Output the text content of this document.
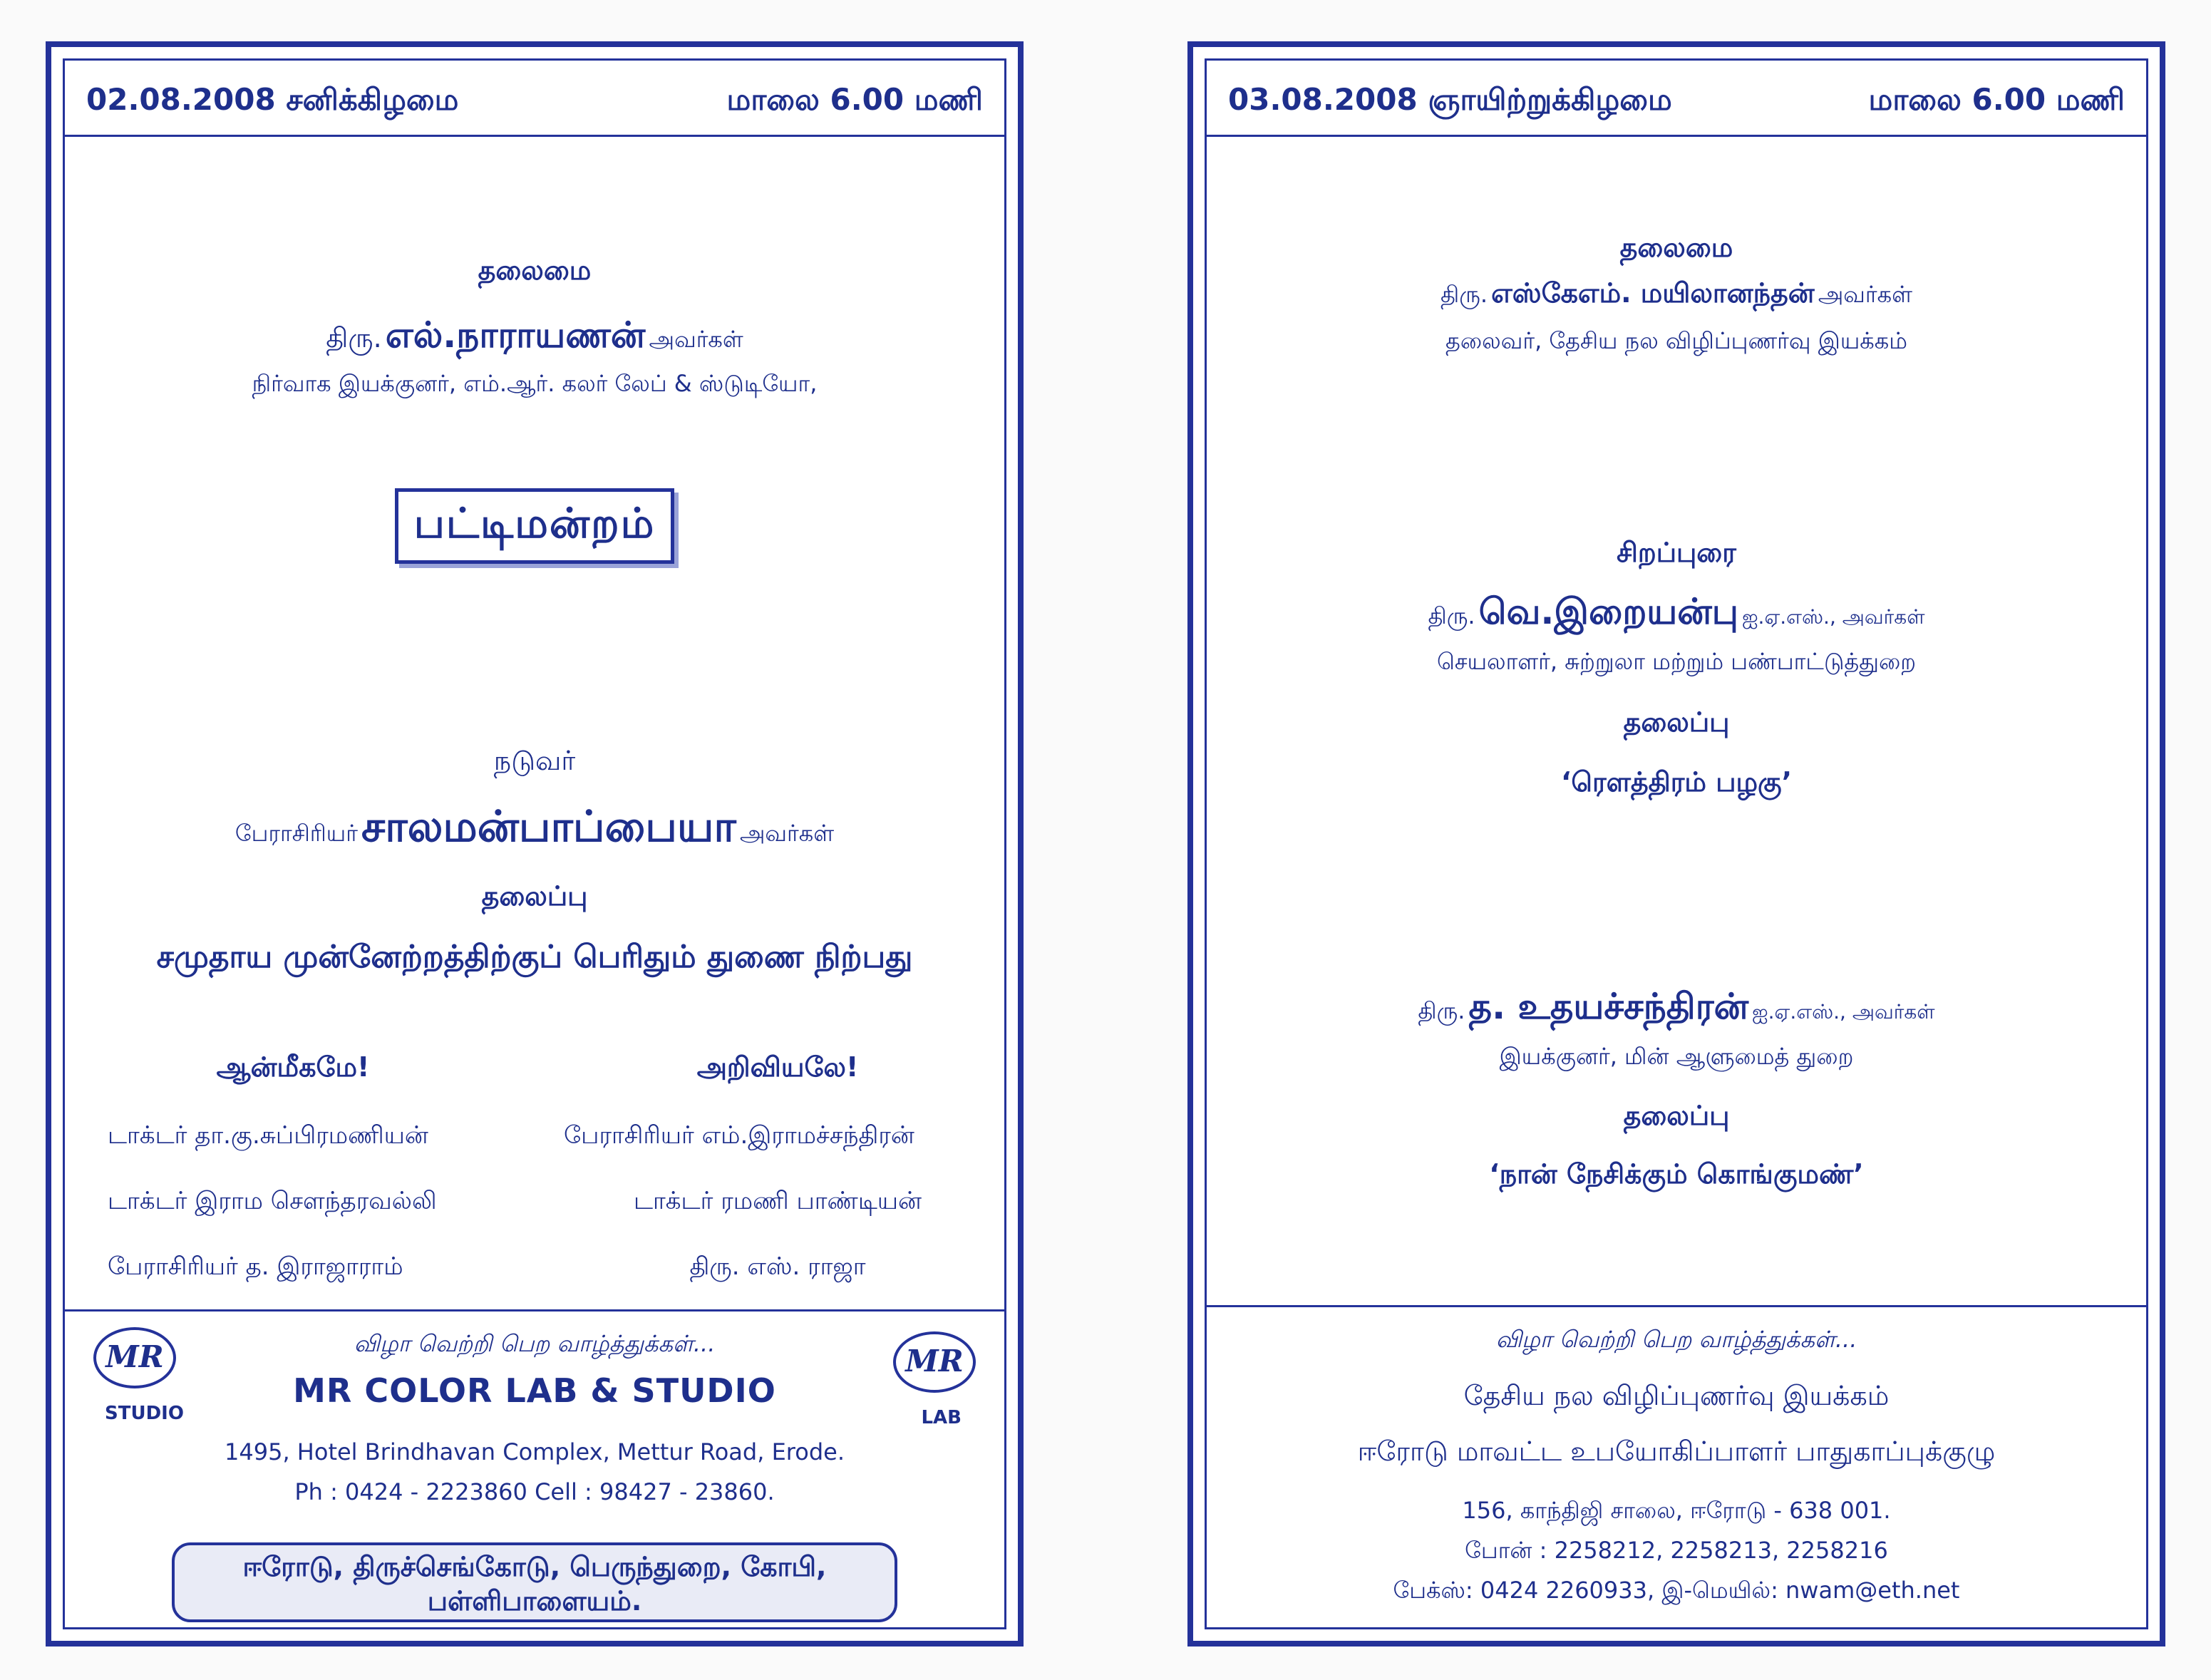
02.08.2008 சனிக்கிழமை	மாலை 6.00 மணி
தலைமை
திரு. எல்.நாராயணன் அவர்கள்
நிர்வாக இயக்குனர், எம்.ஆர். கலர் லேப் & ஸ்டுடியோ,
பட்டிமன்றம்
நடுவர்
பேராசிரியர் சாலமன்பாப்பையா அவர்கள்
தலைப்பு
சமுதாய முன்னேற்றத்திற்குப் பெரிதும் துணை நிற்பது
ஆன்மீகமே!
டாக்டர் தா.கு.சுப்பிரமணியன்
டாக்டர் இராம சௌந்தரவல்லி
பேராசிரியர் த. இராஜாராம்
அறிவியலே!
பேராசிரியர் எம்.இராமச்சந்திரன்
டாக்டர் ரமணி பாண்டியன்
திரு. எஸ். ராஜா
விழா வெற்றி பெற வாழ்த்துக்கள்...
MR
STUDIO
MR
LAB
MR COLOR LAB & STUDIO
1495, Hotel Brindhavan Complex, Mettur Road, Erode.
Ph : 0424 - 2223860 Cell : 98427 - 23860.
ஈரோடு, திருச்செங்கோடு, பெருந்துறை, கோபி,
பள்ளிபாளையம்.
03.08.2008 ஞாயிற்றுக்கிழமை	மாலை 6.00 மணி
தலைமை
திரு. எஸ்கேஎம். மயிலானந்தன் அவர்கள்
தலைவர், தேசிய நல விழிப்புணர்வு இயக்கம்
சிறப்புரை
திரு. வெ.இறையன்பு ஐ.ஏ.எஸ்., அவர்கள்
செயலாளர், சுற்றுலா மற்றும் பண்பாட்டுத்துறை
தலைப்பு
‘ரௌத்திரம் பழகு’
திரு. த. உதயச்சந்திரன் ஐ.ஏ.எஸ்., அவர்கள்
இயக்குனர், மின் ஆளுமைத் துறை
தலைப்பு
‘நான் நேசிக்கும் கொங்குமண்’
விழா வெற்றி பெற வாழ்த்துக்கள்...
தேசிய நல விழிப்புணர்வு இயக்கம்
ஈரோடு மாவட்ட உபயோகிப்பாளர் பாதுகாப்புக்குழு
156, காந்திஜி சாலை, ஈரோடு - 638 001.
போன் : 2258212, 2258213, 2258216
பேக்ஸ்: 0424 2260933, இ-மெயில்: nwam@eth.net
